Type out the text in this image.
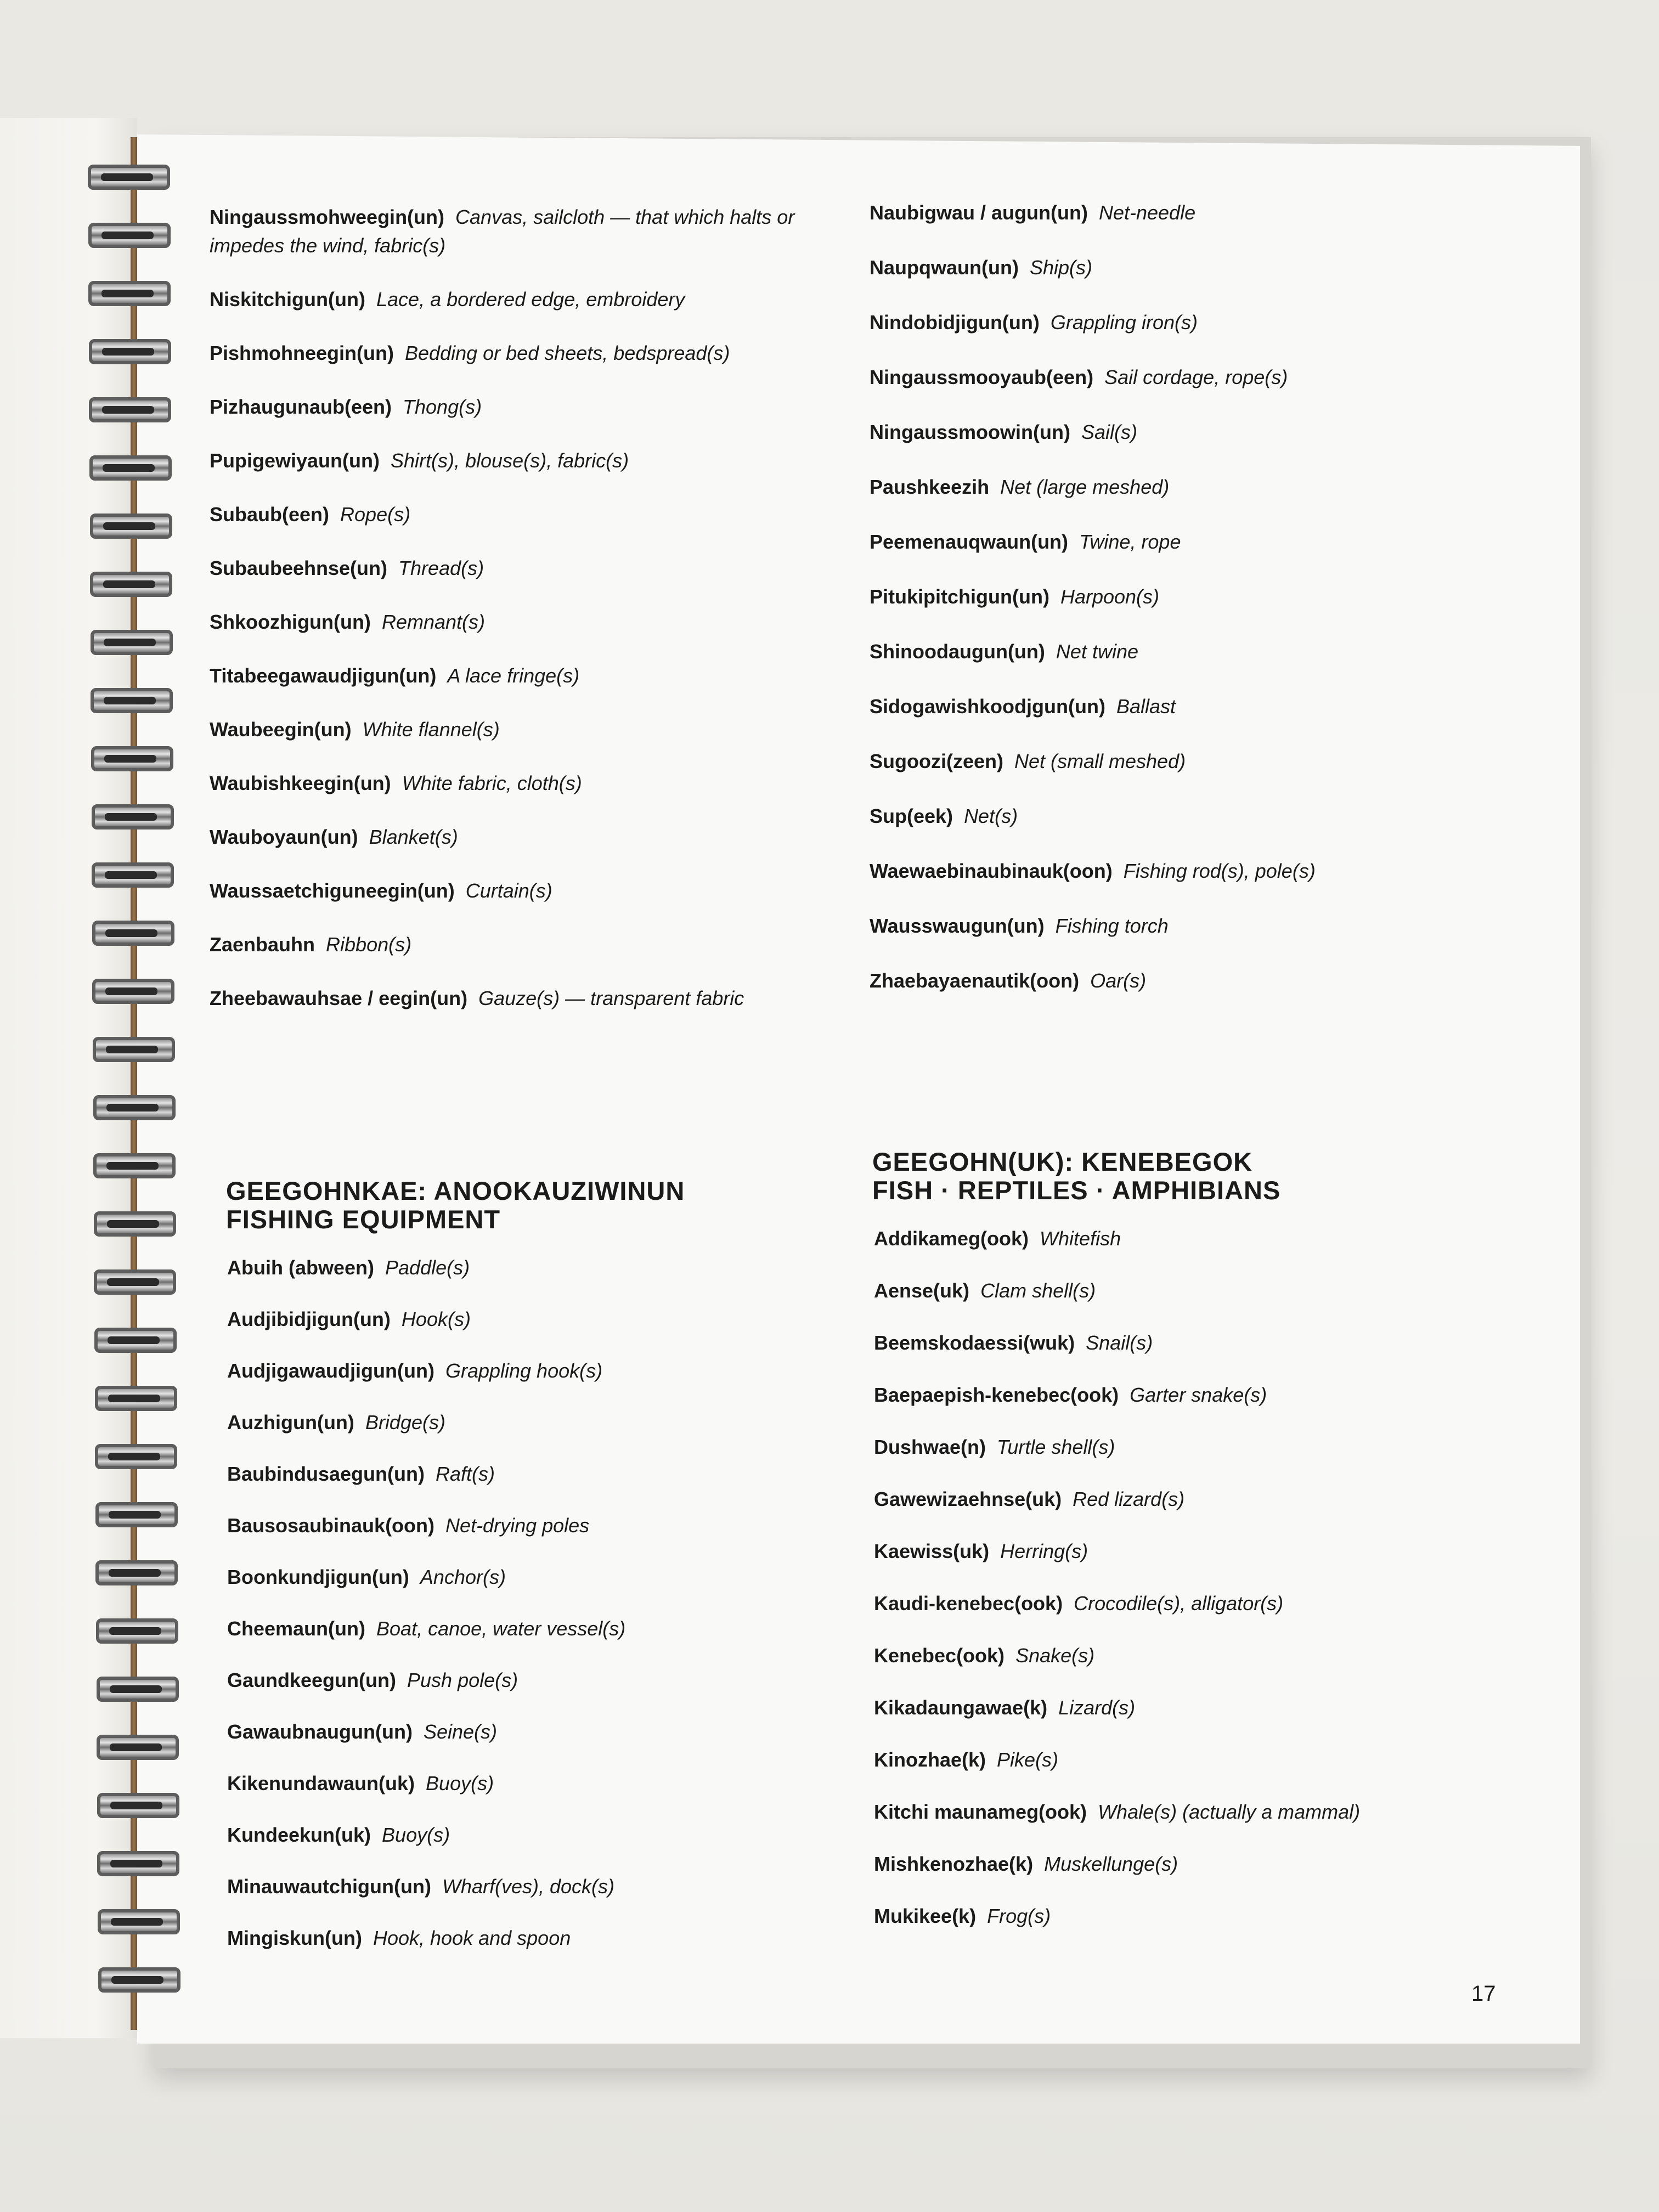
Ningaussmohweegin(un) Canvas, sailcloth — that which halts or impedes the wind, fabric(s)

Niskitchigun(un) Lace, a bordered edge, embroidery

Pishmohneegin(un) Bedding or bed sheets, bedspread(s)

Pizhaugunaub(een) Thong(s)

Pupigewiyaun(un) Shirt(s), blouse(s), fabric(s)

Subaub(een) Rope(s)

Subaubeehnse(un) Thread(s)

Shkoozhigun(un) Remnant(s)

Titabeegawaudjigun(un) A lace fringe(s)

Waubeegin(un) White flannel(s)

Waubishkeegin(un) White fabric, cloth(s)

Wauboyaun(un) Blanket(s)

Waussaetchiguneegin(un) Curtain(s)

Zaenbauhn Ribbon(s)

Zheebawauhsae / eegin(un) Gauze(s) — transparent fabric

GEEGOHNKAE: ANOOKAUZIWINUN
FISHING EQUIPMENT

Abuih (abween) Paddle(s)

Audjibidjigun(un) Hook(s)

Audjigawaudjigun(un) Grappling hook(s)

Auzhigun(un) Bridge(s)

Baubindusaegun(un) Raft(s)

Bausosaubinauk(oon) Net-drying poles

Boonkundjigun(un) Anchor(s)

Cheemaun(un) Boat, canoe, water vessel(s)

Gaundkeegun(un) Push pole(s)

Gawaubnaugun(un) Seine(s)

Kikenundawaun(uk) Buoy(s)

Kundeekun(uk) Buoy(s)

Minauwautchigun(un) Wharf(ves), dock(s)

Mingiskun(un) Hook, hook and spoon

Naubigwau / augun(un) Net-needle

Naupqwaun(un) Ship(s)

Nindobidjigun(un) Grappling iron(s)

Ningaussmooyaub(een) Sail cordage, rope(s)

Ningaussmoowin(un) Sail(s)

Paushkeezih Net (large meshed)

Peemenauqwaun(un) Twine, rope

Pitukipitchigun(un) Harpoon(s)

Shinoodaugun(un) Net twine

Sidogawishkoodjgun(un) Ballast

Sugoozi(zeen) Net (small meshed)

Sup(eek) Net(s)

Waewaebinaubinauk(oon) Fishing rod(s), pole(s)

Wausswaugun(un) Fishing torch

Zhaebayaenautik(oon) Oar(s)

GEEGOHN(UK): KENEBEGOK
FISH · REPTILES · AMPHIBIANS

Addikameg(ook) Whitefish

Aense(uk) Clam shell(s)

Beemskodaessi(wuk) Snail(s)

Baepaepish-kenebec(ook) Garter snake(s)

Dushwae(n) Turtle shell(s)

Gawewizaehnse(uk) Red lizard(s)

Kaewiss(uk) Herring(s)

Kaudi-kenebec(ook) Crocodile(s), alligator(s)

Kenebec(ook) Snake(s)

Kikadaungawae(k) Lizard(s)

Kinozhae(k) Pike(s)

Kitchi maunameg(ook) Whale(s) (actually a mammal)

Mishkenozhae(k) Muskellunge(s)

Mukikee(k) Frog(s)

17
